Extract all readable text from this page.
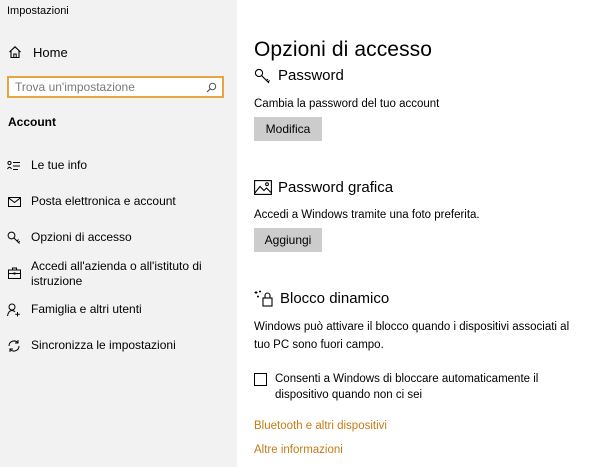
Impostazioni
Home
Trova un'impostazione
Account
Le tue info
Posta elettronica e account
Opzioni di accesso
Accedi all'azienda o all'istituto di istruzione
Famiglia e altri utenti
Sincronizza le impostazioni
Opzioni di accesso
Password
Cambia la password del tuo account
Modifica
Password grafica
Accedi a Windows tramite una foto preferita.
Aggiungi
Blocco dinamico
Windows può attivare il blocco quando i dispositivi associati al tuo PC sono fuori campo.
Consenti a Windows di bloccare automaticamente il dispositivo quando non ci sei
Bluetooth e altri dispositivi
Altre informazioni
